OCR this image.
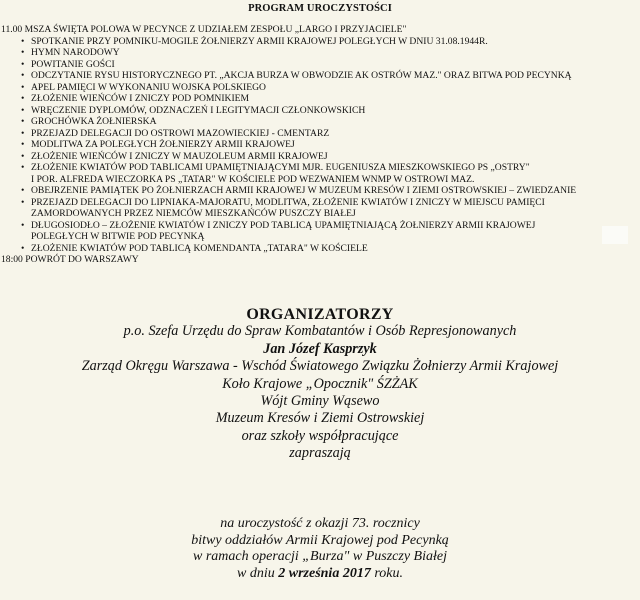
PROGRAM UROCZYSTOŚCI
11.00 MSZA ŚWIĘTA POLOWA W PECYNCE Z UDZIAŁEM ZESPOŁU „LARGO I PRZYJACIELE"
• SPOTKANIE PRZY POMNIKU-MOGILE ŻOŁNIERZY ARMII KRAJOWEJ POLEGŁYCH W DNIU 31.08.1944R.
• HYMN NARODOWY
• POWITANIE GOŚCI
• ODCZYTANIE RYSU HISTORYCZNEGO PT. „AKCJA BURZA W OBWODZIE AK OSTRÓW MAZ." ORAZ BITWA POD PECYNKĄ
• APEL PAMIĘCI W WYKONANIU WOJSKA POLSKIEGO
• ZŁOŻENIE WIEŃCÓW I ZNICZY POD POMNIKIEM
• WRĘCZENIE DYPLOMÓW, ODZNACZEŃ I LEGITYMACJI CZŁONKOWSKICH
• GROCHÓWKA ŻOŁNIERSKA
• PRZEJAZD DELEGACJI DO OSTROWI MAZOWIECKIEJ - CMENTARZ
• MODLITWA ZA POLEGŁYCH ŻOŁNIERZY ARMII KRAJOWEJ
• ZŁOŻENIE WIEŃCÓW I ZNICZY W MAUZOLEUM ARMII KRAJOWEJ
• ZŁOŻENIE KWIATÓW POD TABLICAMI UPAMIĘTNIAJĄCYMI MJR. EUGENIUSZA MIESZKOWSKIEGO PS „OSTRY"
I POR. ALFREDA WIECZORKA PS „TATAR" W KOŚCIELE POD WEZWANIEM WNMP W OSTROWI MAZ.
• OBEJRZENIE PAMIĄTEK PO ŻOŁNIERZACH ARMII KRAJOWEJ W MUZEUM KRESÓW I ZIEMI OSTROWSKIEJ – ZWIEDZANIE
• PRZEJAZD DELEGACJI DO LIPNIAKA-MAJORATU, MODLITWA, ZŁOŻENIE KWIATÓW I ZNICZY W MIEJSCU PAMIĘCI
ZAMORDOWANYCH PRZEZ NIEMCÓW MIESZKAŃCÓW PUSZCZY BIAŁEJ
• DŁUGOSIODŁO – ZŁOŻENIE KWIATÓW I ZNICZY POD TABLICĄ UPAMIĘTNIAJĄCĄ ŻOŁNIERZY ARMII KRAJOWEJ
POLEGŁYCH W BITWIE POD PECYNKĄ
• ZŁOŻENIE KWIATÓW POD TABLICĄ KOMENDANTA „TATARA" W KOŚCIELE
18:00 POWRÓT DO WARSZAWY
ORGANIZATORZY
p.o. Szefa Urzędu do Spraw Kombatantów i Osób Represjonowanych
Jan Józef Kasprzyk
Zarząd Okręgu Warszawa - Wschód Światowego Związku Żołnierzy Armii Krajowej
Koło Krajowe „Opocznik" ŚZŻAK
Wójt Gminy Wąsewo
Muzeum Kresów i Ziemi Ostrowskiej
oraz szkoły współpracujące
zapraszają
na uroczystość z okazji 73. rocznicy
bitwy oddziałów Armii Krajowej pod Pecynką
w ramach operacji „Burza" w Puszczy Białej
w dniu 2 września 2017 roku.
